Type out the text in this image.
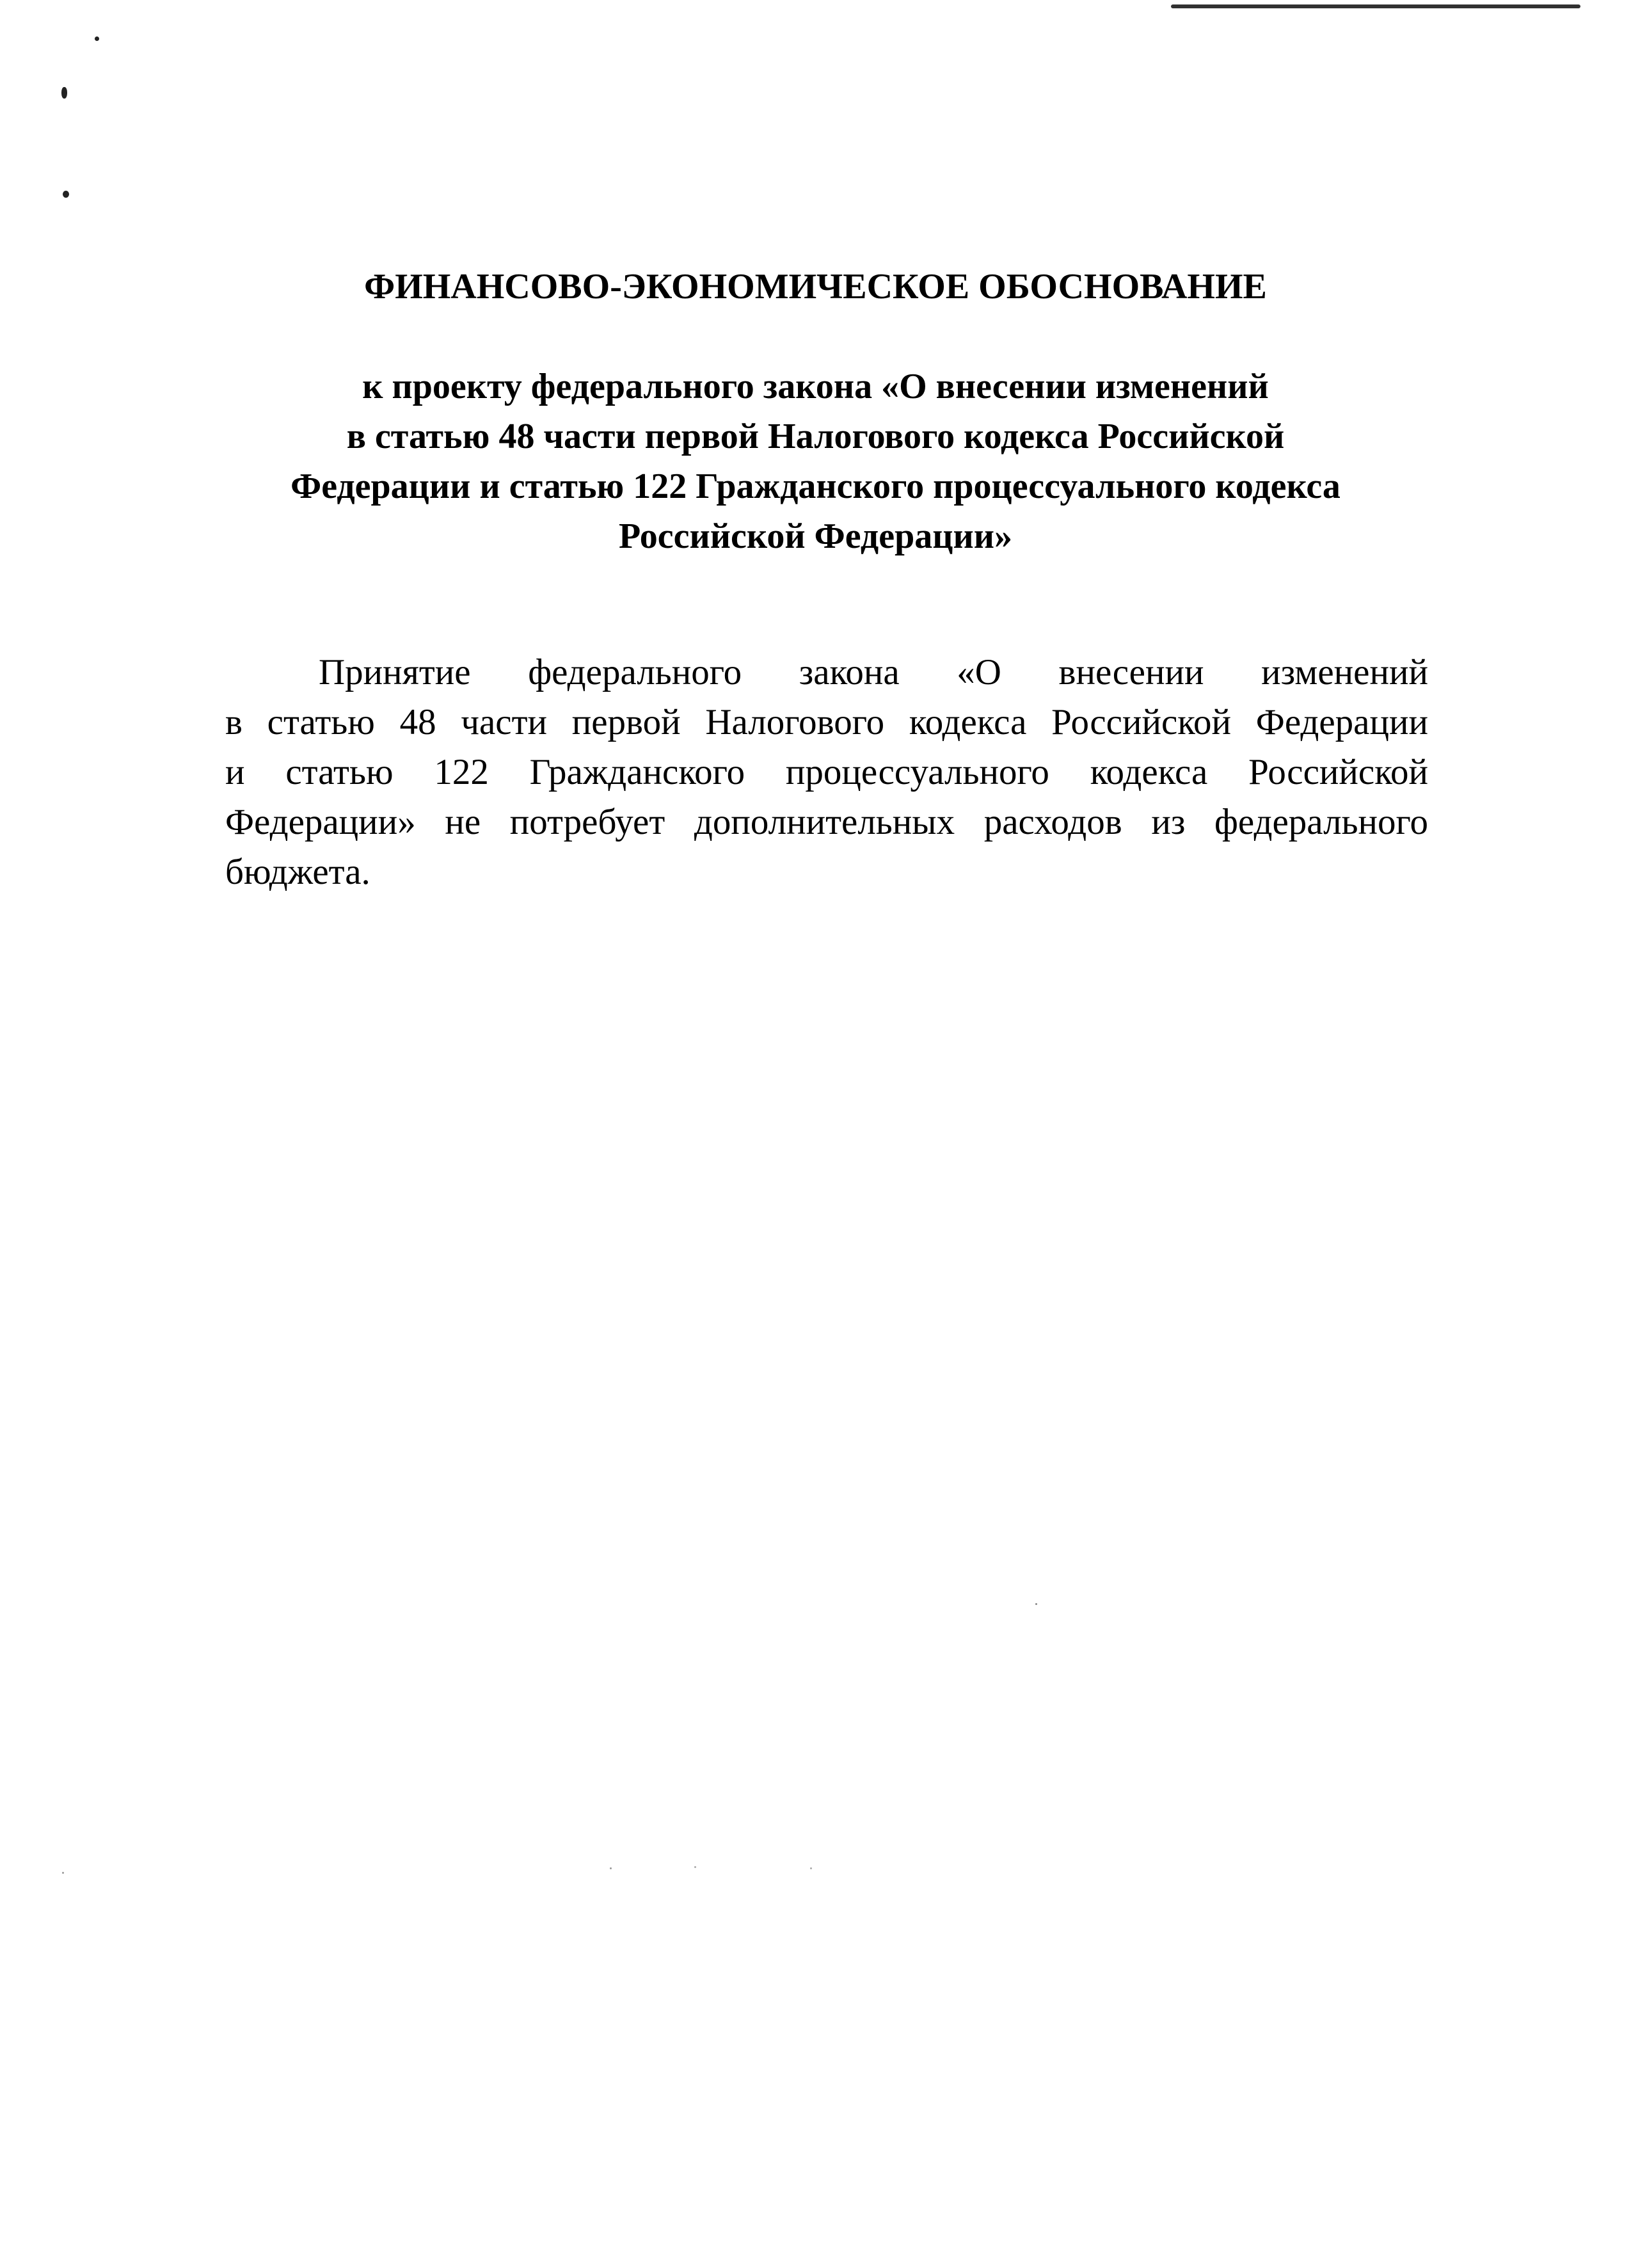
ФИНАНСОВО-ЭКОНОМИЧЕСКОЕ ОБОСНОВАНИЕ
к проекту федерального закона «О внесении изменений
в статью 48 части первой Налогового кодекса Российской
Федерации и статью 122 Гражданского процессуального кодекса
Российской Федерации»
Принятие федерального закона «О внесении изменений
в статью 48 части первой Налогового кодекса Российской Федерации
и статью 122 Гражданского процессуального кодекса Российской
Федерации» не потребует дополнительных расходов из федерального
бюджета.
